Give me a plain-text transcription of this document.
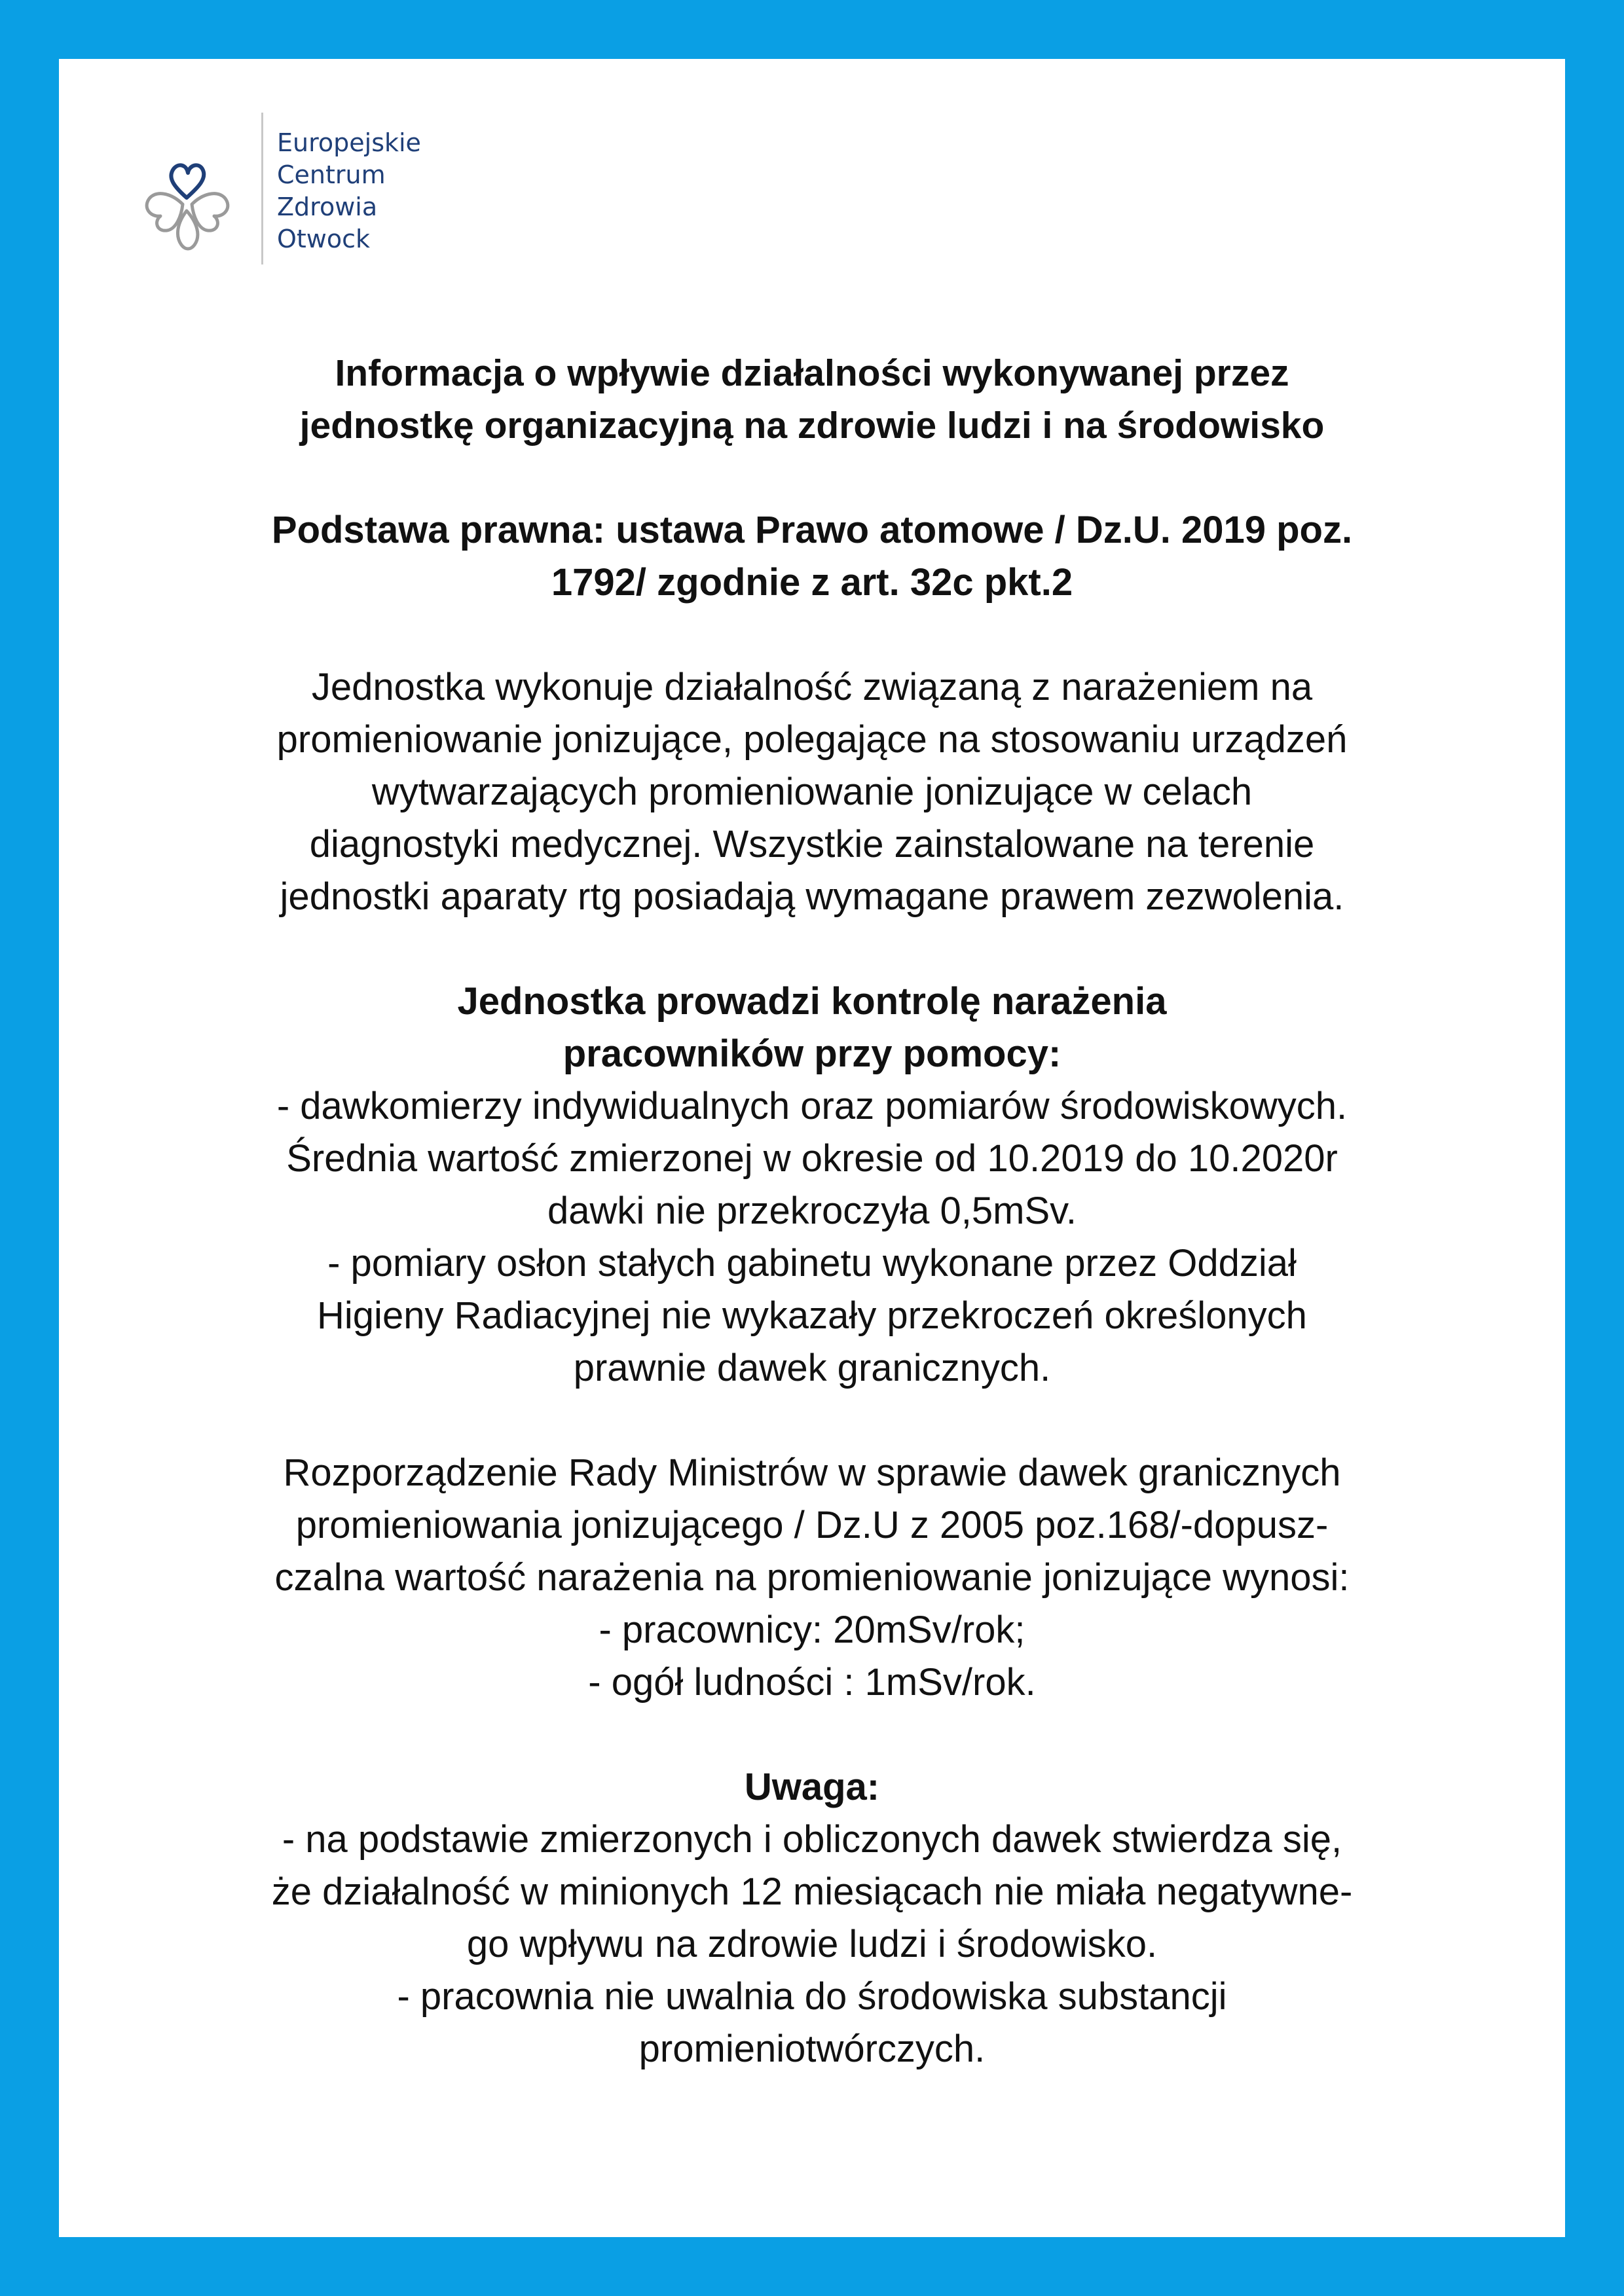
Europejskie
Centrum
Zdrowia
Otwock

Informacja o wpływie działalności wykonywanej przez

jednostkę organizacyjną na zdrowie ludzi i na środowisko

Podstawa prawna: ustawa Prawo atomowe / Dz.U. 2019 poz.

1792/ zgodnie z art. 32c pkt.2

Jednostka wykonuje działalność związaną z narażeniem na

promieniowanie jonizujące, polegające na stosowaniu urządzeń

wytwarzających promieniowanie jonizujące w celach

diagnostyki medycznej. Wszystkie zainstalowane na terenie

jednostki aparaty rtg posiadają wymagane prawem zezwolenia.

Jednostka prowadzi kontrolę narażenia

pracowników przy pomocy:

- dawkomierzy indywidualnych oraz pomiarów środowiskowych.

Średnia wartość zmierzonej w okresie od 10.2019 do 10.2020r

dawki nie przekroczyła 0,5mSv.

- pomiary osłon stałych gabinetu wykonane przez Oddział

Higieny Radiacyjnej nie wykazały przekroczeń określonych

prawnie dawek granicznych.

Rozporządzenie Rady Ministrów w sprawie dawek granicznych

promieniowania jonizującego / Dz.U z 2005 poz.168/-dopusz-

czalna wartość narażenia na promieniowanie jonizujące wynosi:

- pracownicy: 20mSv/rok;

- ogół ludności : 1mSv/rok.

Uwaga:

- na podstawie zmierzonych i obliczonych dawek stwierdza się,

że działalność w minionych 12 miesiącach nie miała negatywne-

go wpływu na zdrowie ludzi i środowisko.

- pracownia nie uwalnia do środowiska substancji

promieniotwórczych.
